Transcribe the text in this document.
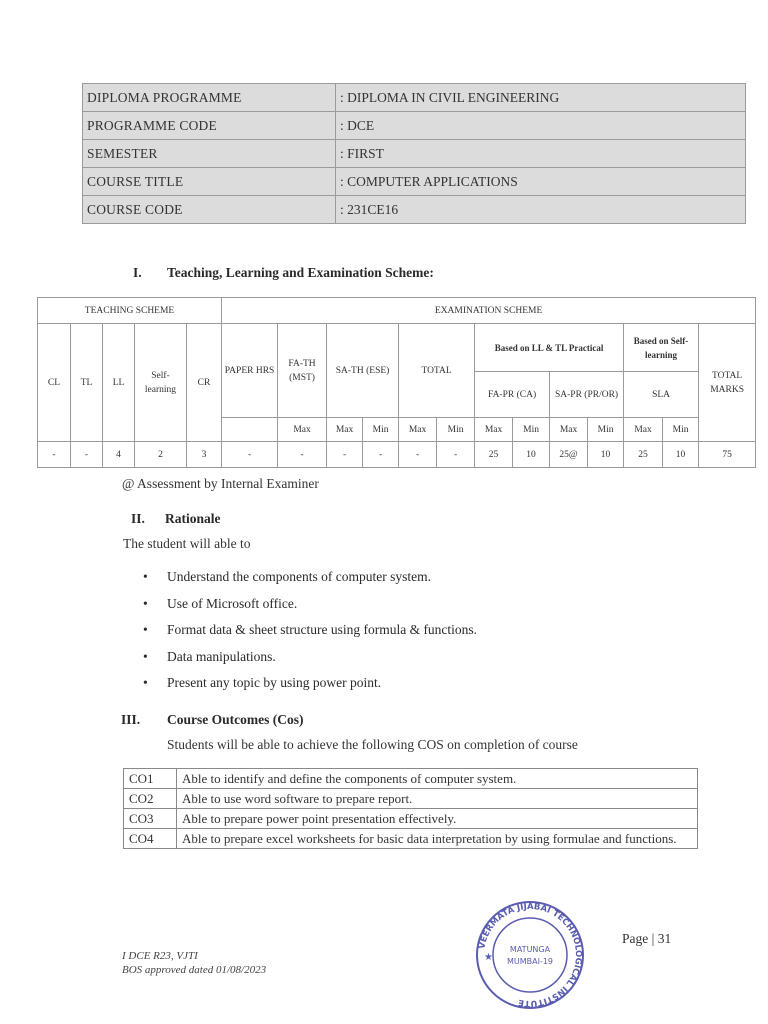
DIPLOMA PROGRAMME	: DIPLOMA IN CIVIL ENGINEERING
PROGRAMME CODE	: DCE
SEMESTER	: FIRST
COURSE TITLE	: COMPUTER APPLICATIONS
COURSE CODE	: 231CE16
I. Teaching, Learning and Examination Scheme:
TEACHING SCHEME					EXAMINATION SCHEME												
CL	TL	LL	Self-learning	CR	PAPER HRS	FA-TH (MST)	SA-TH (ESE)		TOTAL		Based on LL & TL Practical				Based on Self-learning		TOTAL MARKS
											FA-PR (CA)		SA-PR (PR/OR)		SLA		
						Max	Max	Min	Max	Min	Max	Min	Max	Min	Max	Min	
-	-	4	2	3	-	-	-	-	-	-	25	10	25@	10	25	10	75
@ Assessment by Internal Examiner
II. Rationale
The student will able to
• Understand the components of computer system.
• Use of Microsoft office.
• Format data & sheet structure using formula & functions.
• Data manipulations.
• Present any topic by using power point.
III. Course Outcomes (Cos)
Students will be able to achieve the following COS on completion of course
CO1	Able to identify and define the components of computer system.
CO2	Able to use word software to prepare report.
CO3	Able to prepare power point presentation effectively.
CO4	Able to prepare excel worksheets for basic data interpretation by using formulae and functions.
I DCE R23, VJTI
BOS approved dated 01/08/2023
VEERMATA JIJABAI TECHNOLOGICAL INSTITUTE
MATUNGA
MUMBAI-19
★
Page | 31
